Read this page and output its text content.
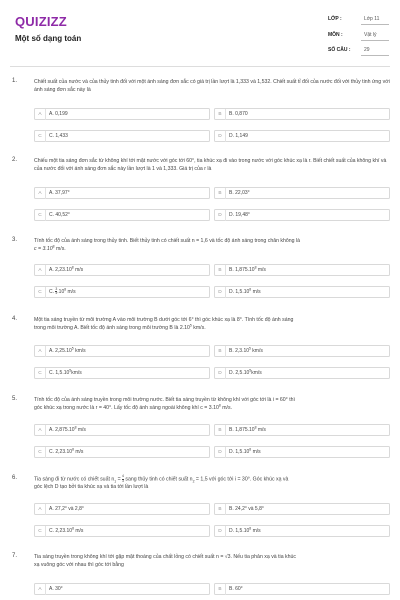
QUIZIZZ
Một số dạng toán
LỚP :	Lớp 11
MÔN :	Vật lý
SỐ CÂU :	29
1.	Chiết suất của nước và của thủy tinh đối với một ánh sáng đơn sắc có giá trị lần lượt là 1,333 và 1,532. Chiết suất tỉ đối của nước đối với thủy tinh ứng với ánh sáng đơn sắc này là
A	A. 0,199	B	B. 0,870
C	C. 1,433	D	D. 1,149
2.	Chiếu một tia sáng đơn sắc từ không khí tới mặt nước với góc tới 60°, tia khúc xạ đi vào trong nước với góc khúc xạ là r. Biết chiết suất của không khí và của nước đối với ánh sáng đơn sắc này lần lượt là 1 và 1,333. Giá trị của r là
A	A. 37,97°	B	B. 22,03°
C	C. 40,52°	D	D. 19,48°
3.	Tính tốc độ của ánh sáng trong thủy tinh. Biết thủy tinh có chiết suất n = 1,6 và tốc độ ánh sáng trong chân không là
$c = 3.10^8$ m/s.
A	A. 2,23.10$^8$ m/s	B	B. 1,875.10$^8$ m/s
C	C. $\frac{3}{4} .10^8$ m/s	D	D. 1,5.10$^8$ m/s
4.	Một tia sáng truyền từ môi trường A vào môi trường B dưới góc tới 6° thì góc khúc xạ là 8°. Tính tốc độ ánh sáng
trong môi trường A. Biết tốc độ ánh sáng trong môi trường B là 2.10$^5$ km/s.
A	A. 2,25.10$^5$ km/s	B	B. 2,3.10$^5$ km/s
C	C. 1,5.10$^5$km/s	D	D. 2,5.10$^5$km/s
5.	Tính tốc độ của ánh sáng truyền trong môi trường nước. Biết tia sáng truyền từ không khí với góc tới là i = 60° thì
góc khúc xạ trong nước là r = 40°. Lấy tốc độ ánh sáng ngoài không khí $c = 3.10^8$ m/s.
A	A. 2,875.10$^8$ m/s	B	B. 1,875.10$^8$ m/s
C	C. 2,23.10$^8$ m/s	D	D. 1,5.10$^8$ m/s
6.	Tia sáng đi từ nước có chiết suất $n_1 = \frac{4}{3}$ sang thủy tinh có chiết suất $n_2 = 1,5$ với góc tới i = 30°. Góc khúc xạ và
góc lệch D tạo bởi tia khúc xạ và tia tới lần lượt là
A	A. 27,2° và 2,8°	B	B. 24,2° và 5,8°
C	C. 2,23.10$^8$ m/s	D	D. 1,5.10$^8$ m/s
7.	Tia sáng truyền trong không khí tới gặp mặt thoáng của chất lỏng có chiết suất n = √3. Nếu tia phản xạ và tia khúc
xạ vuông góc với nhau thì góc tới bằng
A	A. 30°	B	B. 60°
